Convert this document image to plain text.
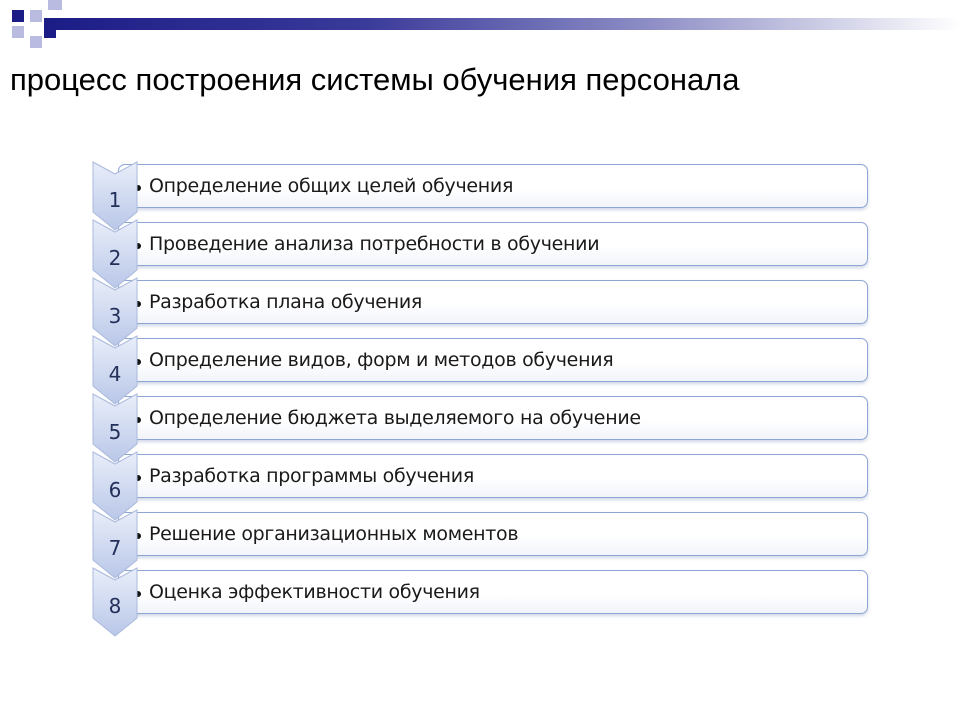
процесс построения системы обучения персонала
Определение общих целей обучения
Проведение анализа потребности в обучении
Разработка плана обучения
Определение видов, форм и методов обучения
Определение бюджета выделяемого на обучение
Разработка программы обучения
Решение организационных моментов
Оценка эффективности обучения
1
2
3
4
5
6
7
8
